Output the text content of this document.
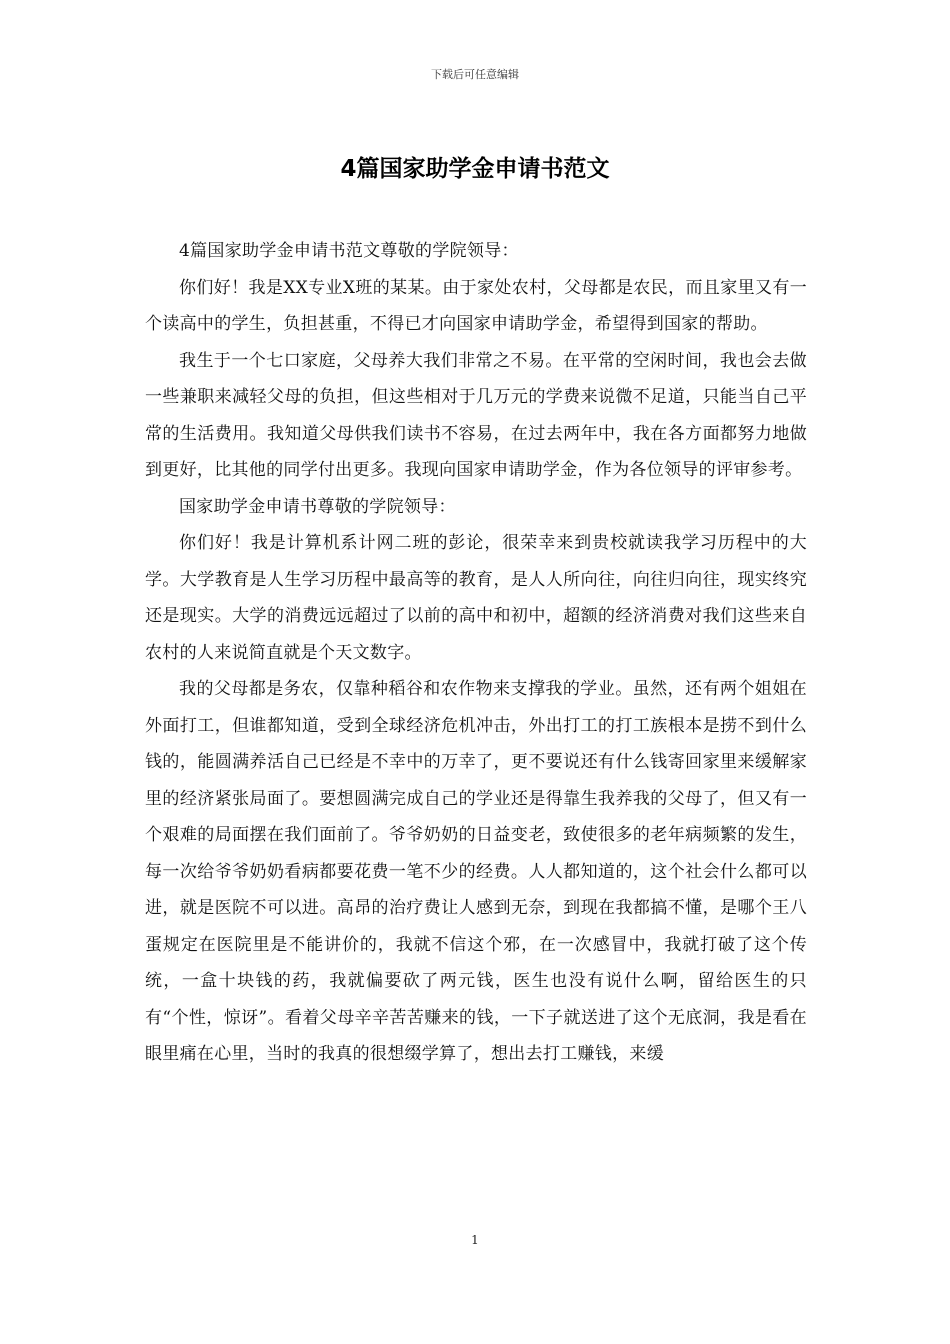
下载后可任意编辑
4篇国家助学金申请书范文

4篇国家助学金申请书范文尊敬的学院领导：

你们好！我是XX专业X班的某某。由于家处农村，父母都是农民，而且家里又有一个读高中的学生，负担甚重，不得已才向国家申请助学金，希望得到国家的帮助。

我生于一个七口家庭，父母养大我们非常之不易。在平常的空闲时间，我也会去做一些兼职来减轻父母的负担，但这些相对于几万元的学费来说微不足道，只能当自己平常的生活费用。我知道父母供我们读书不容易，在过去两年中，我在各方面都努力地做到更好，比其他的同学付出更多。我现向国家申请助学金，作为各位领导的评审参考。

国家助学金申请书尊敬的学院领导：

你们好！我是计算机系计网二班的彭论，很荣幸来到贵校就读我学习历程中的大学。大学教育是人生学习历程中最高等的教育，是人人所向往，向往归向往，现实终究还是现实。大学的消费远远超过了以前的高中和初中，超额的经济消费对我们这些来自农村的人来说简直就是个天文数字。

我的父母都是务农，仅靠种稻谷和农作物来支撑我的学业。虽然，还有两个姐姐在外面打工，但谁都知道，受到全球经济危机冲击，外出打工的打工族根本是捞不到什么钱的，能圆满养活自己已经是不幸中的万幸了，更不要说还有什么钱寄回家里来缓解家里的经济紧张局面了。要想圆满完成自己的学业还是得靠生我养我的父母了，但又有一个艰难的局面摆在我们面前了。爷爷奶奶的日益变老，致使很多的老年病频繁的发生，每一次给爷爷奶奶看病都要花费一笔不少的经费。人人都知道的，这个社会什么都可以进，就是医院不可以进。高昂的治疗费让人感到无奈，到现在我都搞不懂，是哪个王八蛋规定在医院里是不能讲价的，我就不信这个邪，在一次感冒中，我就打破了这个传统，一盒十块钱的药，我就偏要砍了两元钱，医生也没有说什么啊，留给医生的只有“个性，惊讶”。看着父母辛辛苦苦赚来的钱，一下子就送进了这个无底洞，我是看在眼里痛在心里，当时的我真的很想缀学算了，想出去打工赚钱，来缓

1
